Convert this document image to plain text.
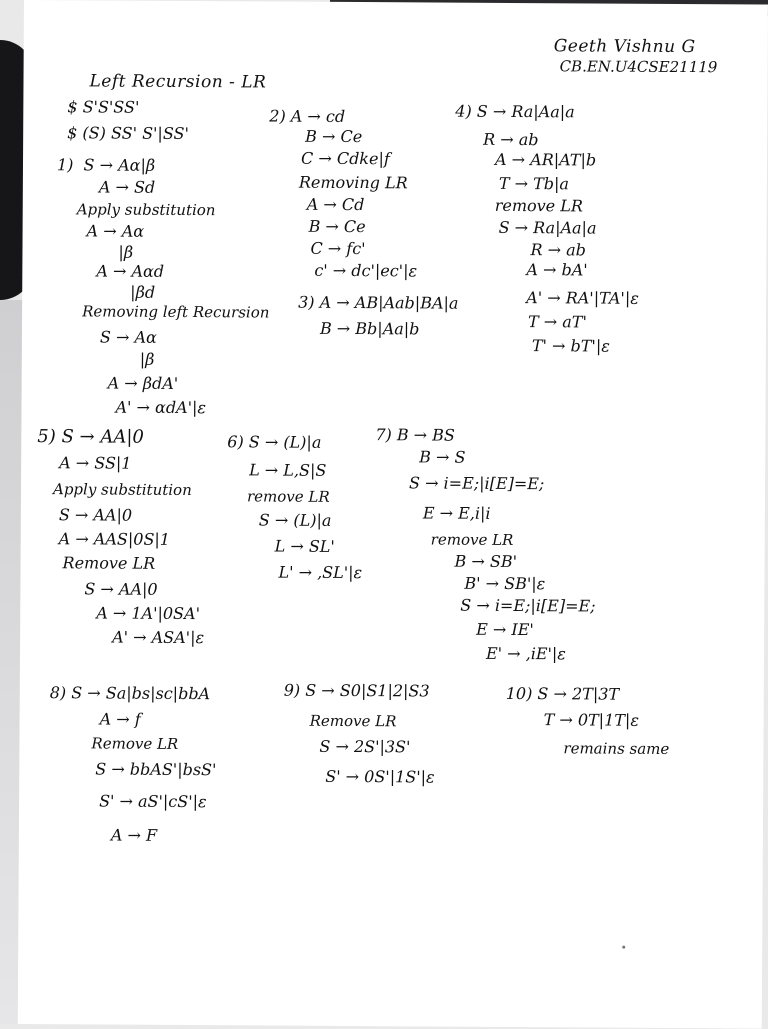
Geeth Vishnu G
CB.EN.U4CSE21119
Left Recursion - LR
$ S'S'SS'
$ (S) SS' S'|SS'
1)  S → Aα|β
A → Sd
Apply substitution
A → Aα
|β
A → Aαd
|βd
Removing left Recursion
S → Aα
|β
A → βdA'
A' → αdA'|ε
2) A → cd
B → Ce
C → Cdke|f
Removing LR
A → Cd
B → Ce
C → fc'
c' → dc'|ec'|ε
3) A → AB|Aab|BA|a
B → Bb|Aa|b
4) S → Ra|Aa|a
R → ab
A → AR|AT|b
T → Tb|a
remove LR
S → Ra|Aa|a
R → ab
A → bA'
A' → RA'|TA'|ε
T → aT'
T' → bT'|ε
5) S → AA|0
A → SS|1
Apply substitution
S → AA|0
A → AAS|0S|1
Remove LR
S → AA|0
A → 1A'|0SA'
A' → ASA'|ε
6) S → (L)|a
L → L,S|S
remove LR
S → (L)|a
L → SL'
L' → ,SL'|ε
7) B → BS
B → S
S → i=E;|i[E]=E;
E → E,i|i
remove LR
B → SB'
B' → SB'|ε
S → i=E;|i[E]=E;
E → IE'
E' → ,iE'|ε
8) S → Sa|bs|sc|bbA
A → f
Remove LR
S → bbAS'|bsS'
S' → aS'|cS'|ε
A → F
9) S → S0|S1|2|S3
Remove LR
S → 2S'|3S'
S' → 0S'|1S'|ε
10) S → 2T|3T
T → 0T|1T|ε
remains same
